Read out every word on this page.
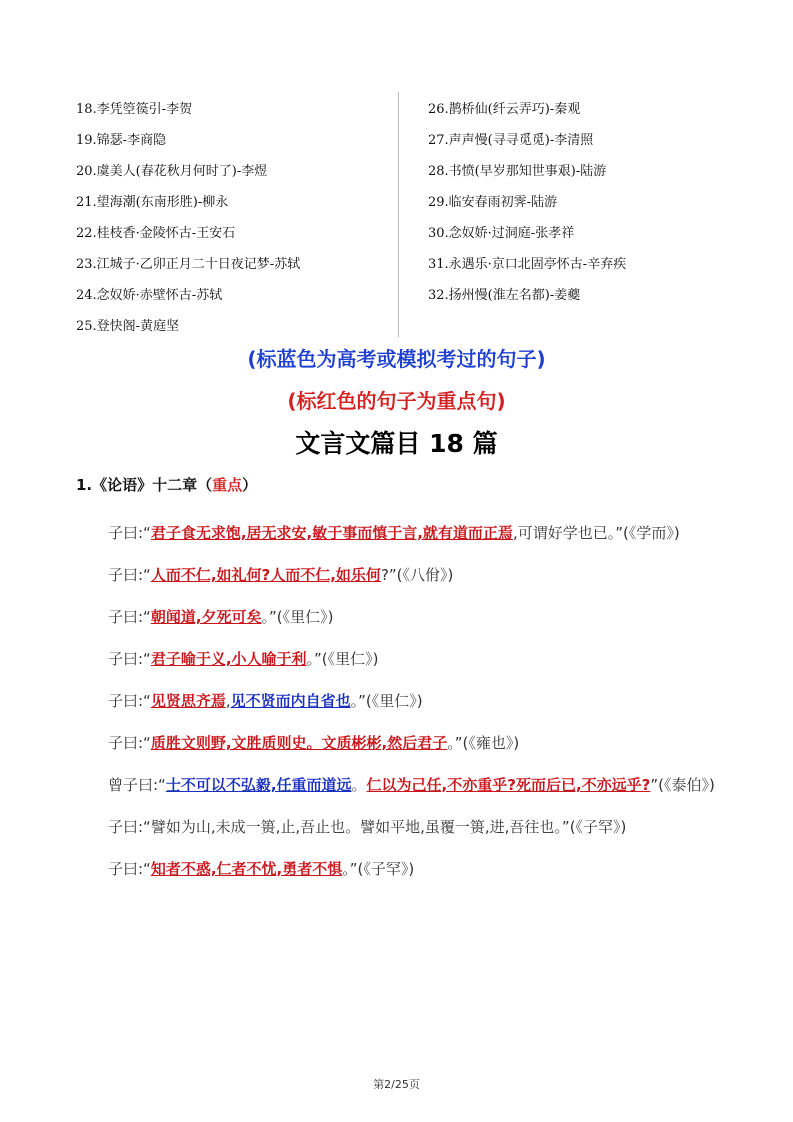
18.李凭箜篌引-李贺
19.锦瑟-李商隐
20.虞美人(春花秋月何时了)-李煜
21.望海潮(东南形胜)-柳永
22.桂枝香·金陵怀古-王安石
23.江城子·乙卯正月二十日夜记梦-苏轼
24.念奴娇·赤壁怀古-苏轼
25.登快阁-黄庭坚
26.鹊桥仙(纤云弄巧)-秦观
27.声声慢(寻寻觅觅)-李清照
28.书愤(早岁那知世事艰)-陆游
29.临安春雨初霁-陆游
30.念奴娇·过洞庭-张孝祥
31.永遇乐·京口北固亭怀古-辛弃疾
32.扬州慢(淮左名都)-姜夔
(标蓝色为高考或模拟考过的句子)
(标红色的句子为重点句)
文言文篇目 18 篇
1.《论语》十二章（重点）
子曰:“君子食无求饱,居无求安,敏于事而慎于言,就有道而正焉,可谓好学也已。”(《学而》)
子曰:“人而不仁,如礼何?人而不仁,如乐何?”(《八佾》)
子曰:“朝闻道,夕死可矣。”(《里仁》)
子曰:“君子喻于义,小人喻于利。”(《里仁》)
子曰:“见贤思齐焉,见不贤而内自省也。”(《里仁》)
子曰:“质胜文则野,文胜质则史。文质彬彬,然后君子。”(《雍也》)
曾子曰:“士不可以不弘毅,任重而道远。仁以为己任,不亦重乎?死而后已,不亦远乎?”(《泰伯》)
子曰:“譬如为山,未成一篑,止,吾止也。譬如平地,虽覆一篑,进,吾往也。”(《子罕》)
子曰:“知者不惑,仁者不忧,勇者不惧。”(《子罕》)
第2/25页
